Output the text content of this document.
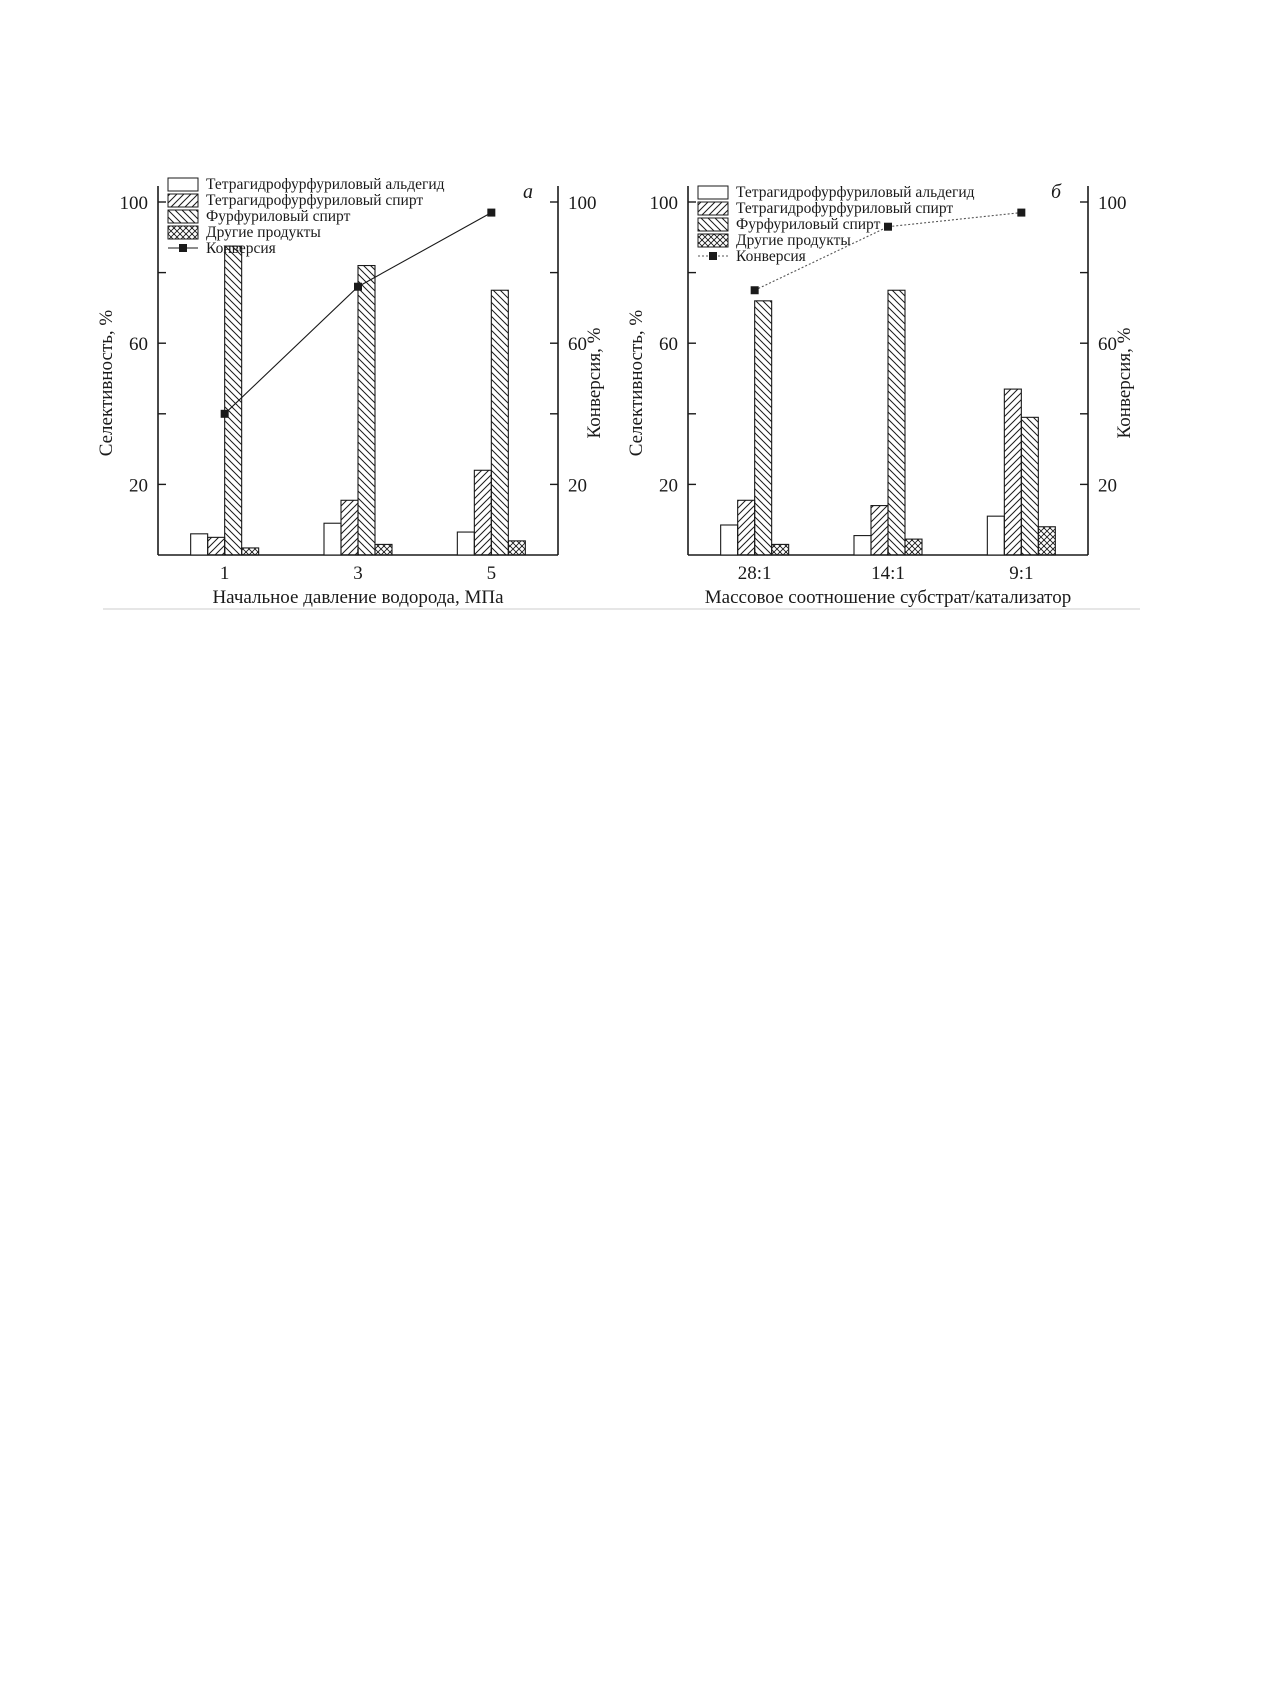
20
60
100
20
60
100
Селективность, %	Конверсия, %
Начальное давление водорода, МПа
а
1	3	5
Тетрагидрофурфуриловый альдегид
Тетрагидрофурфуриловый спирт
Фурфуриловый спирт
Другие продукты
Конверсия
20
60
100
20
60
100
Селективность, %	Конверсия, %
Массовое соотношение субстрат/катализатор
б
28:1	14:1	9:1
Тетрагидрофурфуриловый альдегид
Тетрагидрофурфуриловый спирт
Фурфуриловый спирт
Другие продукты
Конверсия
